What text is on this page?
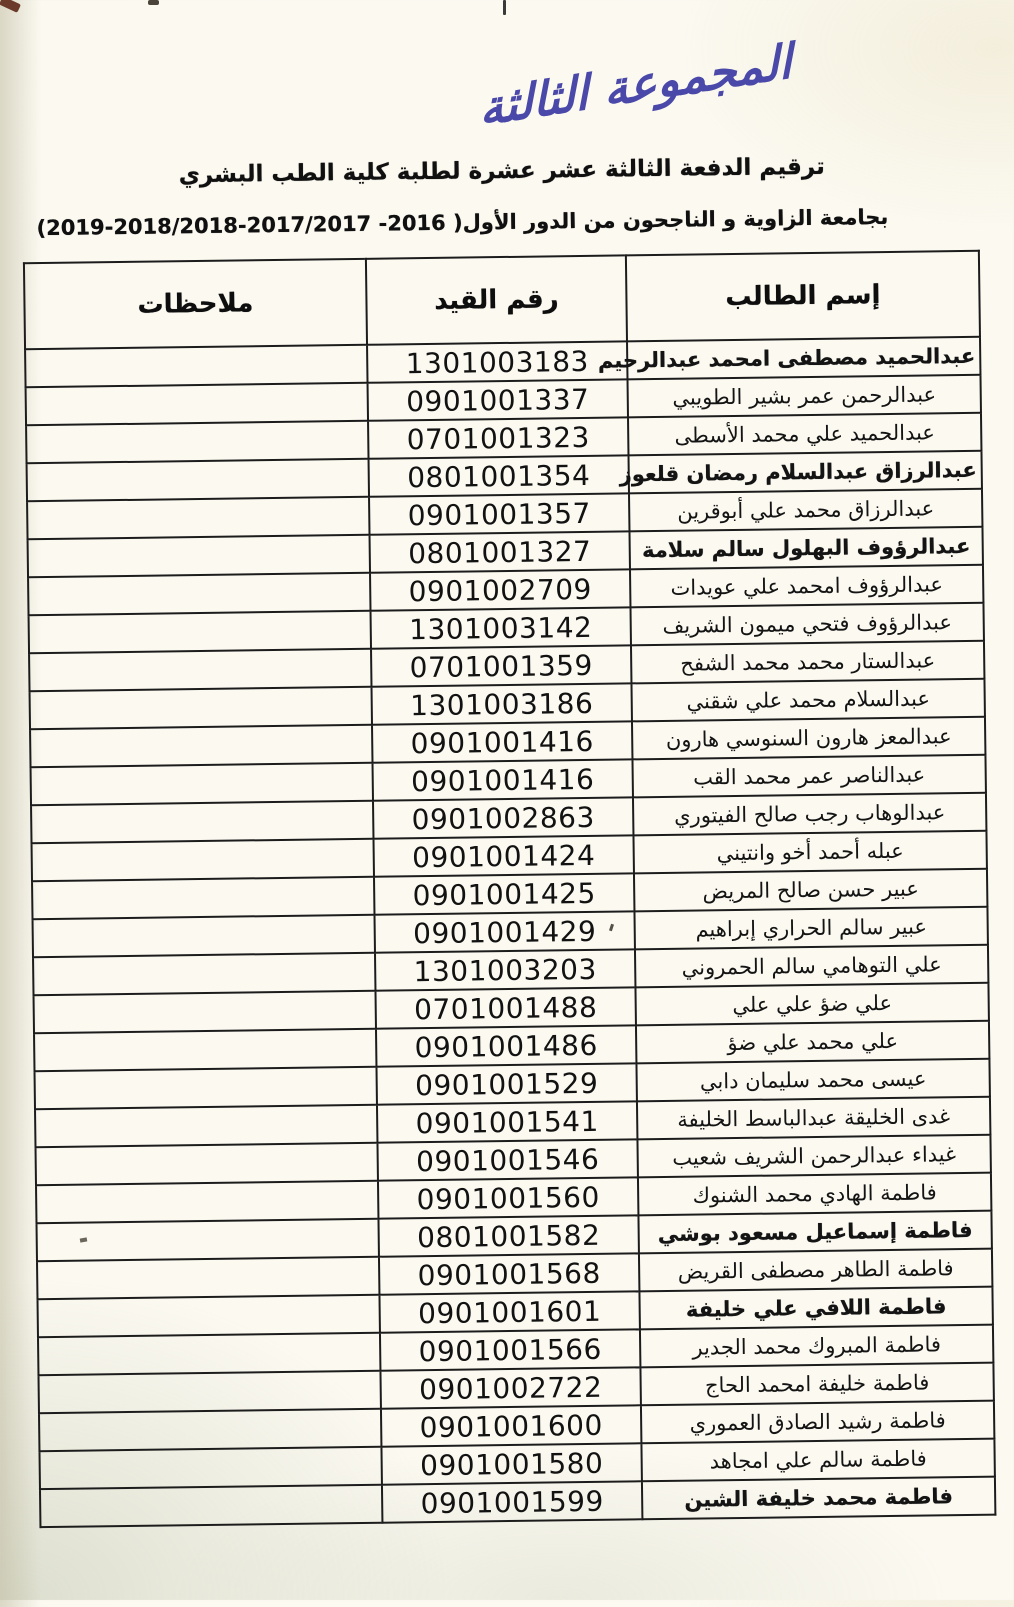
المجموعة الثالثة
ترقيم الدفعة الثالثة عشر عشرة لطلبة كلية الطب البشري
بجامعة الزاوية و الناجحون من الدور الأول( 2016- 2017/2017-2018/2018-2019)
إسم الطالب	رقم القيد	ملاحظات
عبدالحميد مصطفى امحمد عبدالرحيم	1301003183	
عبدالرحمن عمر بشير الطويبي	0901001337	
عبدالحميد علي محمد الأسطى	0701001323	
عبدالرزاق عبدالسلام رمضان قلعوز	0801001354	
عبدالرزاق محمد علي أبوقرين	0901001357	
عبدالرؤوف البهلول سالم سلامة	0801001327	
عبدالرؤوف امحمد علي عويدات	0901002709	
عبدالرؤوف فتحي ميمون الشريف	1301003142	
عبدالستار محمد محمد الشفح	0701001359	
عبدالسلام محمد علي شقني	1301003186	
عبدالمعز هارون السنوسي هارون	0901001416	
عبدالناصر عمر محمد القب	0901001416	
عبدالوهاب رجب صالح الفيتوري	0901002863	
عبله أحمد أخو وانتيني	0901001424	
عبير حسن صالح المريض	0901001425	
عبير سالم الحراري إبراهيم	0901001429	
علي التوهامي سالم الحمروني	1301003203	
علي ضؤ علي علي	0701001488	
علي محمد علي ضؤ	0901001486	
عيسى محمد سليمان دابي	0901001529	
غدى الخليقة عبدالباسط الخليفة	0901001541	
غيداء عبدالرحمن الشريف شعيب	0901001546	
فاطمة الهادي محمد الشنوك	0901001560	
فاطمة إسماعيل مسعود بوشي	0801001582	
فاطمة الطاهر مصطفى القريض	0901001568	
فاطمة اللافي علي خليفة	0901001601	
فاطمة المبروك محمد الجدير	0901001566	
فاطمة خليفة امحمد الحاج	0901002722	
فاطمة رشيد الصادق العموري	0901001600	
فاطمة سالم علي امجاهد	0901001580	
فاطمة محمد خليفة الشين	0901001599	
